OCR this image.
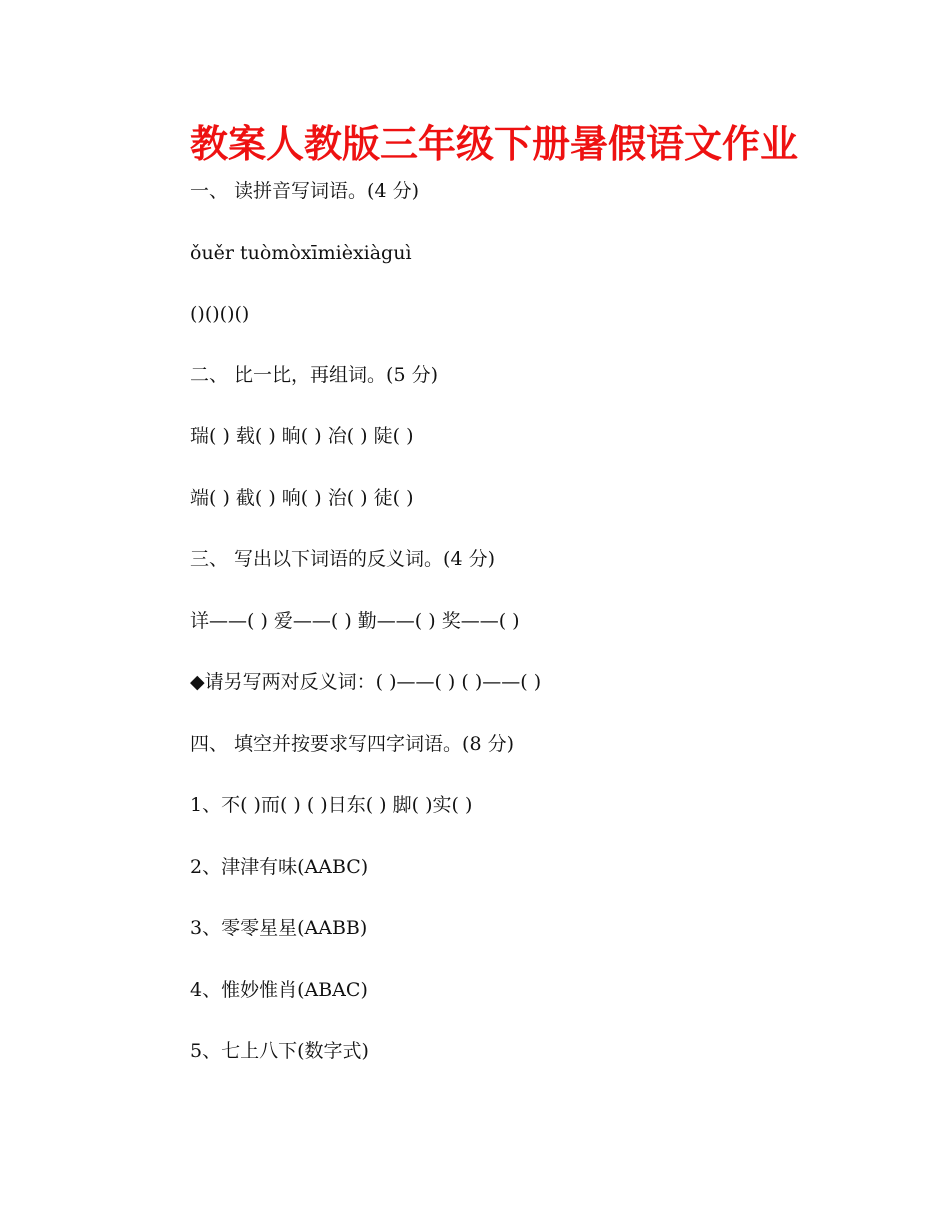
教案人教版三年级下册暑假语文作业
一、 读拼音写词语。(4 分)
ǒuěr tuòmòxīmièxiàguì
()()()()
二、 比一比，再组词。(5 分)
瑞( ) 载( ) 晌( ) 冶( ) 陡( )
端( ) 截( ) 响( ) 治( ) 徒( )
三、 写出以下词语的反义词。(4 分)
详——( ) 爱——( ) 勤——( ) 奖——( )
◆请另写两对反义词：( )——( ) ( )——( )
四、 填空并按要求写四字词语。(8 分)
1、不( )而( ) ( )日东( ) 脚( )实( )
2、津津有味(AABC)
3、零零星星(AABB)
4、惟妙惟肖(ABAC)
5、七上八下(数字式)
